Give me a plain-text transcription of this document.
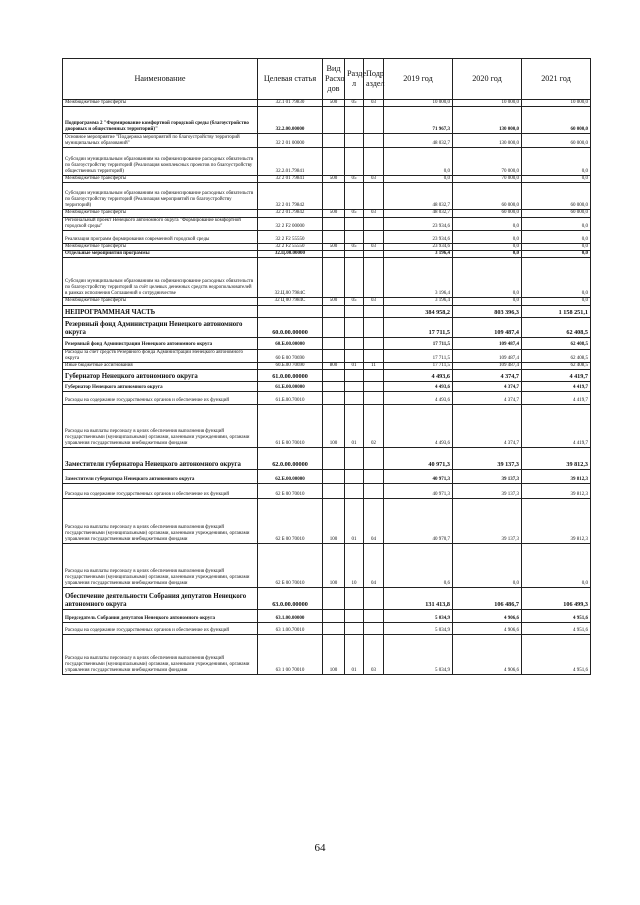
Наименование	Целевая статья	Вид Расхо дов	Разде л	Подр аздел	2019 год	2020 год	2021 год
Межбюджетные трансферты	32.1 01 79830	500	05	03	10 000,0	10 000,0	10 000,0
Подпрограмма 2 "Формирование комфортной городской среды (благоустройство дворовых и общественных территорий)"	32.2.00.00000				71 967,3	130 000,0	60 000,0
Основное мероприятие "Поддержка мероприятий по благоустройству территорий муниципальных образований"	32 2 01 00000				48 032,7	130 000,0	60 000,0
Субсидии муниципальным образованиям на софинансирование расходных обязательств по благоустройству территорий (Реализация комплексных проектов по благоустройству общественных территорий)	32.2.01.79841				0,0	70 000,0	0,0
Межбюджетные трансферты	32 2 01 79841	500	05	03	0,0	70 000,0	0,0
Субсидии муниципальным образованиям на софинансирование расходных обязательств по благоустройству территорий (Реализация мероприятий по благоустройству территорий)	32 2 01 79842				48 032,7	60 000,0	60 000,0
Межбюджетные трансферты	32 2 01.79842	500	05	03	48 032,7	60 000,0	60 000,0
Региональный проект Ненецкого автономного округа "Формирование комфортной городской среды"	32 2 F2 00000				23 934,6	0,0	0,0
Реализация программ формирования современной городской среды	32 2 F2 55550				23 934,6	0,0	0,0
Межбюджетные трансферты	32 2 F2 55550	500	05	03	23 934,6	0,0	0,0
Отдельные мероприятия программы	32.Ц.00.00000				3 196,4	0,0	0,0
Субсидии муниципальным образованиям на софинансирование расходных обязательств по благоустройству территорий за счёт целевых денежных средств недропользователей в рамках исполнения Соглашений о сотрудничестве	32.Ц.00 7984С				3 196,4	0,0	0,0
Межбюджетные трансферты	32 Ц 00 7984С	500	05	03	3 196,4	0,0	0,0
НЕПРОГРАММНАЯ ЧАСТЬ					384 958,2	803 396,3	1 158 251,1
Резервный фонд Администрации Ненецкого автономного округа	60.0.00.00000				17 711,5	109 487,4	62 408,5
Резервный фонд Администрации Ненецкого автономного округа	60.Б.00.00000				17 711,5	109 487,4	62 408,5
Расходы за счёт средств Резервного фонда Администрации Ненецкого автономного округа	60 Б 00 70690				17 711,5	109 487,4	62 408,5
Иные бюджетные ассигнования	60.Б.00 70690	800	01	11	17 711,5	109 487,4	62 408,5
Губернатор Ненецкого автономного округа	61.0.00.00000				4 493,6	4 374,7	4 419,7
Губернатор Ненецкого автономного округа	61.Б.00.00000				4 493,6	4 374,7	4 419,7
Расходы на содержание государственных органов и обеспечение их функций	61.Б.00.70010				4 493,6	4 374,7	4 419,7
Расходы на выплаты персоналу в целях обеспечения выполнения функций государственными (муниципальными) органами, казенными учреждениями, органами управления государственными внебюджетными фондами	61 Б 00 70010	100	01	02	4 493,6	4 374,7	4 419,7
Заместители губернатора Ненецкого автономного округа	62.0.00.00000				40 971,3	39 137,3	39 812,3
Заместители губернатора Ненецкого автономного округа	62.Б.00.00000				40 971,3	39 137,3	39 812,3
Расходы на содержание государственных органов и обеспечение их функций	62 Б 00 70010				40 971,3	39 137,3	39 812,3
Расходы на выплаты персоналу в целях обеспечения выполнения функций государственными (муниципальными) органами, казенными учреждениями, органами управления государственными внебюджетными фондами	62 Б 00 70010	100	01	04	40 970,7	39 137,3	39 812,3
Расходы на выплаты персоналу в целях обеспечения выполнения функций государственными (муниципальными) органами, казенными учреждениями, органами управления государственными внебюджетными фондами	62 Б 00 70010	100	10	04	0,6	0,0	0,0
Обеспечение деятельности Собрания депутатов Ненецкого автономного округа	63.0.00.00000				131 413,8	106 486,7	106 499,3
Председатель Собрания депутатов Ненецкого автономного округа	63.1.00.00000				5 034,9	4 906,6	4 951,6
Расходы на содержание государственных органов и обеспечение их функций	63 1.00.70010				5 034,9	4 906,6	4 951,6
Расходы на выплаты персоналу в целях обеспечения выполнения функций государственными (муниципальными) органами, казенными учреждениями, органами управления государственными внебюджетными фондами	63 1 00 70010	100	01	03	5 034,9	4 906,6	4 951,6
64
